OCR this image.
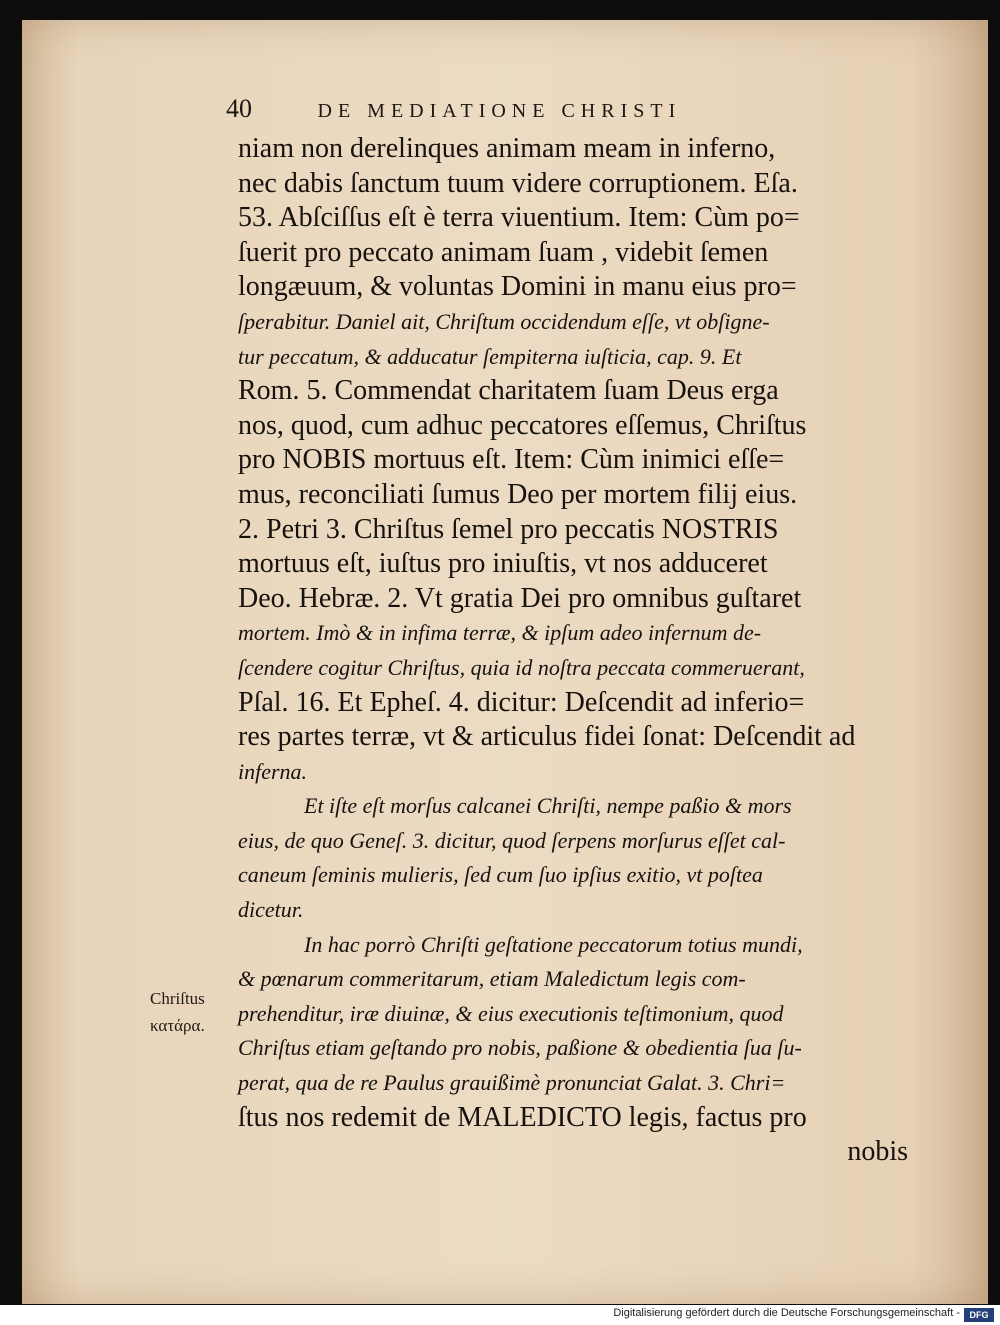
40	DE MEDIATIONE CHRISTI
niam non derelinques animam meam in inferno,
nec dabis ſanctum tuum videre corruptionem. Eſa.
53. Abſciſſus eſt è terra viuentium. Item: Cùm po=
ſuerit pro peccato animam ſuam , videbit ſemen
longæuum, & voluntas Domini in manu eius pro=
ſperabitur. Daniel ait, Chriſtum occidendum eſſe, vt obſigne-
tur peccatum, & adducatur ſempiterna iuſticia, cap. 9. Et
Rom. 5. Commendat charitatem ſuam Deus erga
nos, quod, cum adhuc peccatores eſſemus, Chriſtus
pro NOBIS mortuus eſt. Item: Cùm inimici eſſe=
mus, reconciliati ſumus Deo per mortem filij eius.
2. Petri 3. Chriſtus ſemel pro peccatis NOSTRIS
mortuus eſt, iuſtus pro iniuſtis, vt nos adduceret
Deo. Hebræ. 2. Vt gratia Dei pro omnibus guſtaret
mortem. Imò & in infima terræ, & ipſum adeo infernum de-
ſcendere cogitur Chriſtus, quia id noſtra peccata commeruerant,
Pſal. 16. Et Epheſ. 4. dicitur: Deſcendit ad inferio=
res partes terræ, vt & articulus fidei ſonat: Deſcendit ad
inferna.
Et iſte eſt morſus calcanei Chriſti, nempe paßio & mors
eius, de quo Geneſ. 3. dicitur, quod ſerpens morſurus eſſet cal-
caneum ſeminis mulieris, ſed cum ſuo ipſius exitio, vt poſtea
dicetur.
In hac porrò Chriſti geſtatione peccatorum totius mundi,
& pœnarum commeritarum, etiam Maledictum legis com-
prehenditur, iræ diuinæ, & eius executionis teſtimonium, quod
Chriſtus etiam geſtando pro nobis, paßione & obedientia ſua ſu-
perat, qua de re Paulus grauißimè pronunciat Galat. 3. Chri=
ſtus nos redemit de MALEDICTO legis, factus pro
nobis
Chriſtus
κατάρα.
Digitalisierung gefördert durch die Deutsche Forschungsgemeinschaft -	DFG
